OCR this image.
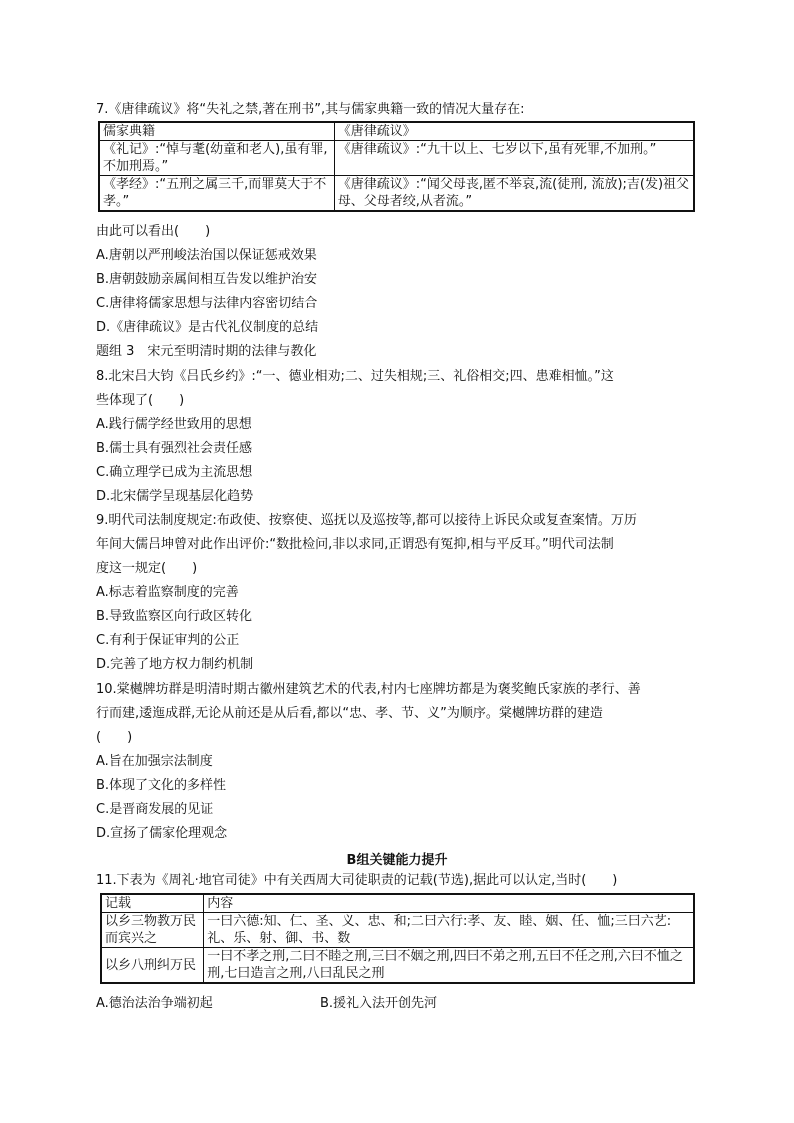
7.《唐律疏议》将“失礼之禁,著在刑书”,其与儒家典籍一致的情况大量存在:
儒家典籍	《唐律疏议》
《礼记》:“悼与耄(幼童和老人),虽有罪,不加刑焉。”	《唐律疏议》:“九十以上、七岁以下,虽有死罪,不加刑。”
《孝经》:“五刑之属三千,而罪莫大于不孝。”	《唐律疏议》:“闻父母丧,匿不举哀,流(徒刑, 流放);吉(发)祖父母、父母者绞,从者流。”
由此可以看出(　　)
A.唐朝以严刑峻法治国以保证惩戒效果
B.唐朝鼓励亲属间相互告发以维护治安
C.唐律将儒家思想与法律内容密切结合
D.《唐律疏议》是古代礼仪制度的总结
题组 3　宋元至明清时期的法律与教化
8.北宋吕大钧《吕氏乡约》:“一、德业相劝;二、过失相规;三、礼俗相交;四、患难相恤。”这
些体现了(　　)
A.践行儒学经世致用的思想
B.儒士具有强烈社会责任感
C.确立理学已成为主流思想
D.北宋儒学呈现基层化趋势
9.明代司法制度规定:布政使、按察使、巡抚以及巡按等,都可以接待上诉民众或复查案情。万历
年间大儒吕坤曾对此作出评价:“数批检问,非以求同,正谓恐有冤抑,相与平反耳。”明代司法制
度这一规定(　　)
A.标志着监察制度的完善
B.导致监察区向行政区转化
C.有利于保证审判的公正
D.完善了地方权力制约机制
10.棠樾牌坊群是明清时期古徽州建筑艺术的代表,村内七座牌坊都是为褒奖鲍氏家族的孝行、善
行而建,逶迤成群,无论从前还是从后看,都以“忠、孝、节、义”为顺序。棠樾牌坊群的建造
(　　)
A.旨在加强宗法制度
B.体现了文化的多样性
C.是晋商发展的见证
D.宣扬了儒家伦理观念
B组关键能力提升
11.下表为《周礼·地官司徒》中有关西周大司徒职责的记载(节选),据此可以认定,当时(　　)
记载	内容
以乡三物教万民而宾兴之	一曰六德:知、仁、圣、义、忠、和;二曰六行:孝、友、睦、姻、任、恤;三曰六艺:礼、乐、射、御、书、数
以乡八刑纠万民	一曰不孝之刑,二曰不睦之刑,三曰不姻之刑,四曰不弟之刑,五曰不任之刑,六曰不恤之刑,七曰造言之刑,八曰乱民之刑
A.德治法治争端初起	B.援礼入法开创先河
